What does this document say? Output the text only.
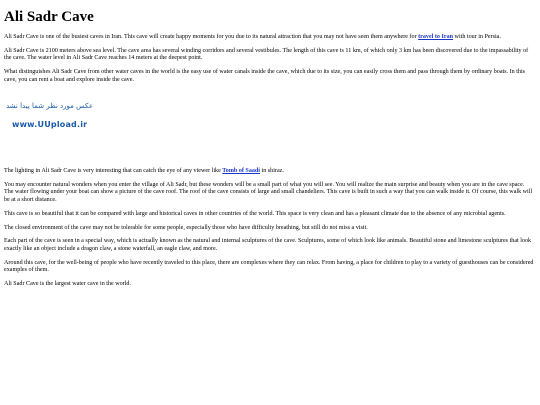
Ali Sadr Cave

Ali Sadr Cave is one of the busiest caves in Iran. This cave will create happy moments for you due to its natural attraction that you may not have seen them anywhere for travel to Iran with tour in Persia.

Ali Sadr Cave is 2100 meters above sea level. The cave area has several winding corridors and several vestibules. The length of this cave is 11 km, of which only 3 km has been discovered due to the impassability of the cave. The water level in Ali Sadr Cave reaches 14 meters at the deepest point.

What distinguishes Ali Sadr Cave from other water caves in the world is the easy use of water canals inside the cave, which due to its size, you can easily cross them and pass through them by ordinary boats. In this cave, you can rent a boat and explore inside the cave.

عکس مورد نظر شما پیدا نشد
www.UUpload.ir

The lighting in Ali Sadr Cave is very interesting that can catch the eye of any viewer like Tomb of Saadi in shiraz.

You may encounter natural wonders when you enter the village of Ali Sadr, but these wonders will be a small part of what you will see. You will realize the main surprise and beauty when you are in the cave space. The water flowing under your boat can show a picture of the cave roof. The roof of the cave consists of large and small chandeliers. This cave is built in such a way that you can walk inside it. Of course, this walk will be at a short distance.

This cave is so beautiful that it can be compared with large and historical caves in other countries of the world. This space is very clean and has a pleasant climate due to the absence of any microbial agents.

The closed environment of the cave may not be tolerable for some people, especially those who have difficulty breathing, but still do not miss a visit.

Each part of the cave is seen in a special way, which is actually known as the natural and internal sculptures of the cave. Sculptures, some of which look like animals. Beautiful stone and limestone sculptures that look exactly like an object include a dragon claw, a stone waterfall, an eagle claw, and more.

Around this cave, for the well-being of people who have recently traveled to this place, there are complexes where they can relax. From having, a place for children to play to a variety of guesthouses can be considered examples of them.

Ali Sadr Cave is the largest water cave in the world.
